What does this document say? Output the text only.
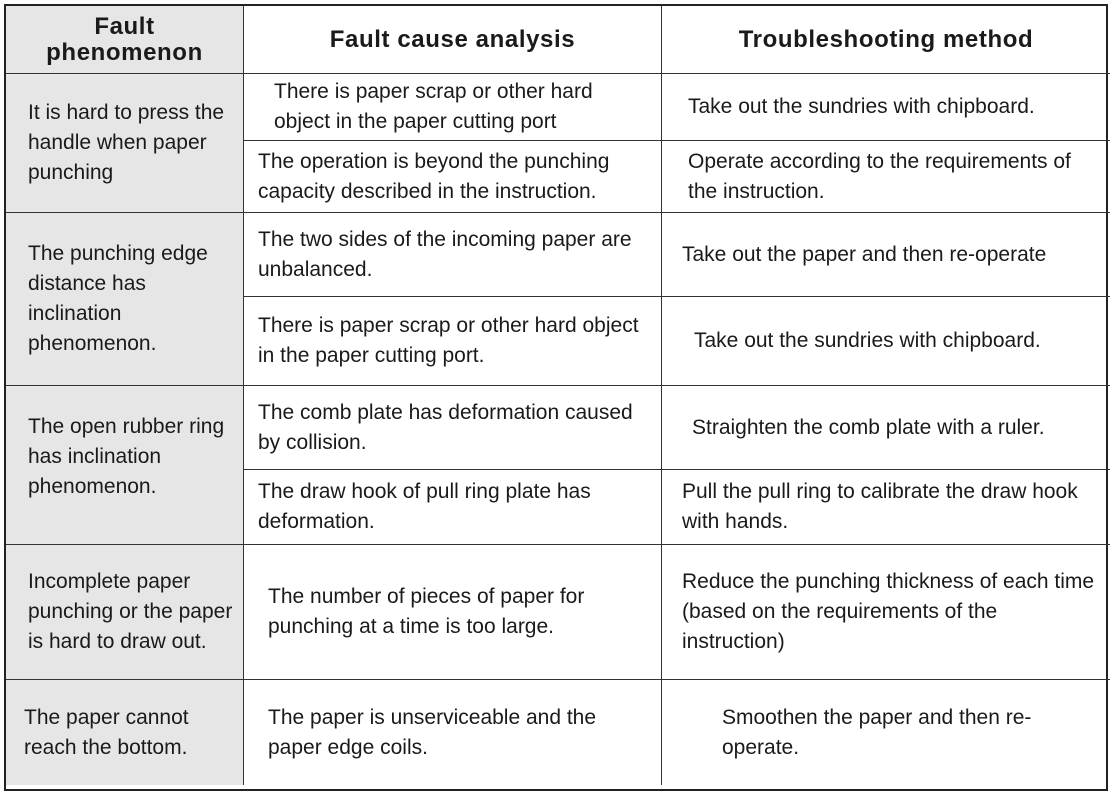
Fault phenomenon	Fault cause analysis	Troubleshooting method
It is hard to press the handle when paper punching
There is paper scrap or other hard object in the paper cutting port
Take out the sundries with chipboard.
The operation is beyond the punching capacity described in the instruction.
Operate according to the requirements of the instruction.
The punching edge distance has inclination phenomenon.
The two sides of the incoming paper are unbalanced.
Take out the paper and then re-operate
There is paper scrap or other hard object in the paper cutting port.
Take out the sundries with chipboard.
The open rubber ring has inclination phenomenon.
The comb plate has deformation caused by collision.
Straighten the comb plate with a ruler.
The draw hook of pull ring plate has deformation.
Pull the pull ring to calibrate the draw hook with hands.
Incomplete paper punching or the paper is hard to draw out.
The number of pieces of paper for punching at a time is too large.
Reduce the punching thickness of each time (based on the requirements of the instruction)
The paper cannot reach the bottom.
The paper is unserviceable and the paper edge coils.
Smoothen the paper and then re-operate.
